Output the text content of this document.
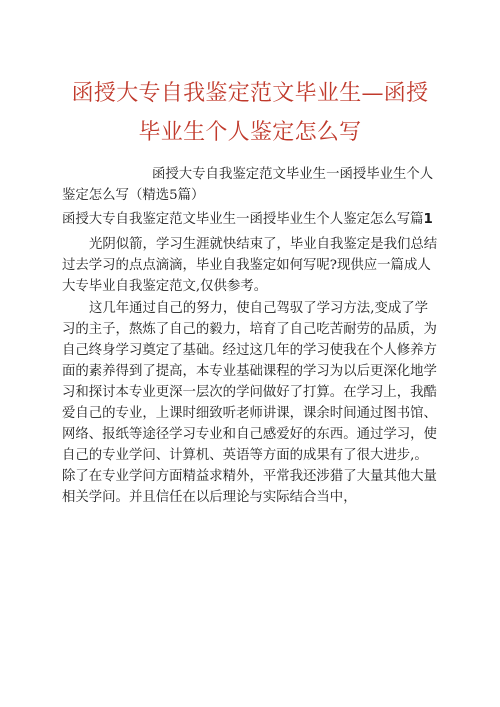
函授大专自我鉴定范文毕业生—函授
毕业生个人鉴定怎么写

函授大专自我鉴定范文毕业生一函授毕业生个人鉴定怎么写（精选5篇）

函授大专自我鉴定范文毕业生一函授毕业生个人鉴定怎么写篇1

光阴似箭，学习生涯就快结束了，毕业自我鉴定是我们总结过去学习的点点滴滴，毕业自我鉴定如何写呢?现供应一篇成人大专毕业自我鉴定范文,仅供参考。

这几年通过自己的努力，使自己驾驭了学习方法,变成了学习的主子，熬炼了自己的毅力，培育了自己吃苦耐劳的品质，为自己终身学习奠定了基础。经过这几年的学习使我在个人修养方面的素养得到了提高，本专业基础课程的学习为以后更深化地学习和探讨本专业更深一层次的学问做好了打算。在学习上，我酷爱自己的专业，上课时细致听老师讲课，课余时间通过图书馆、网络、报纸等途径学习专业和自己感爱好的东西。通过学习，使自己的专业学问、计算机、英语等方面的成果有了很大进步,。除了在专业学问方面精益求精外，平常我还涉猎了大量其他大量相关学问。并且信任在以后理论与实际结合当中，
